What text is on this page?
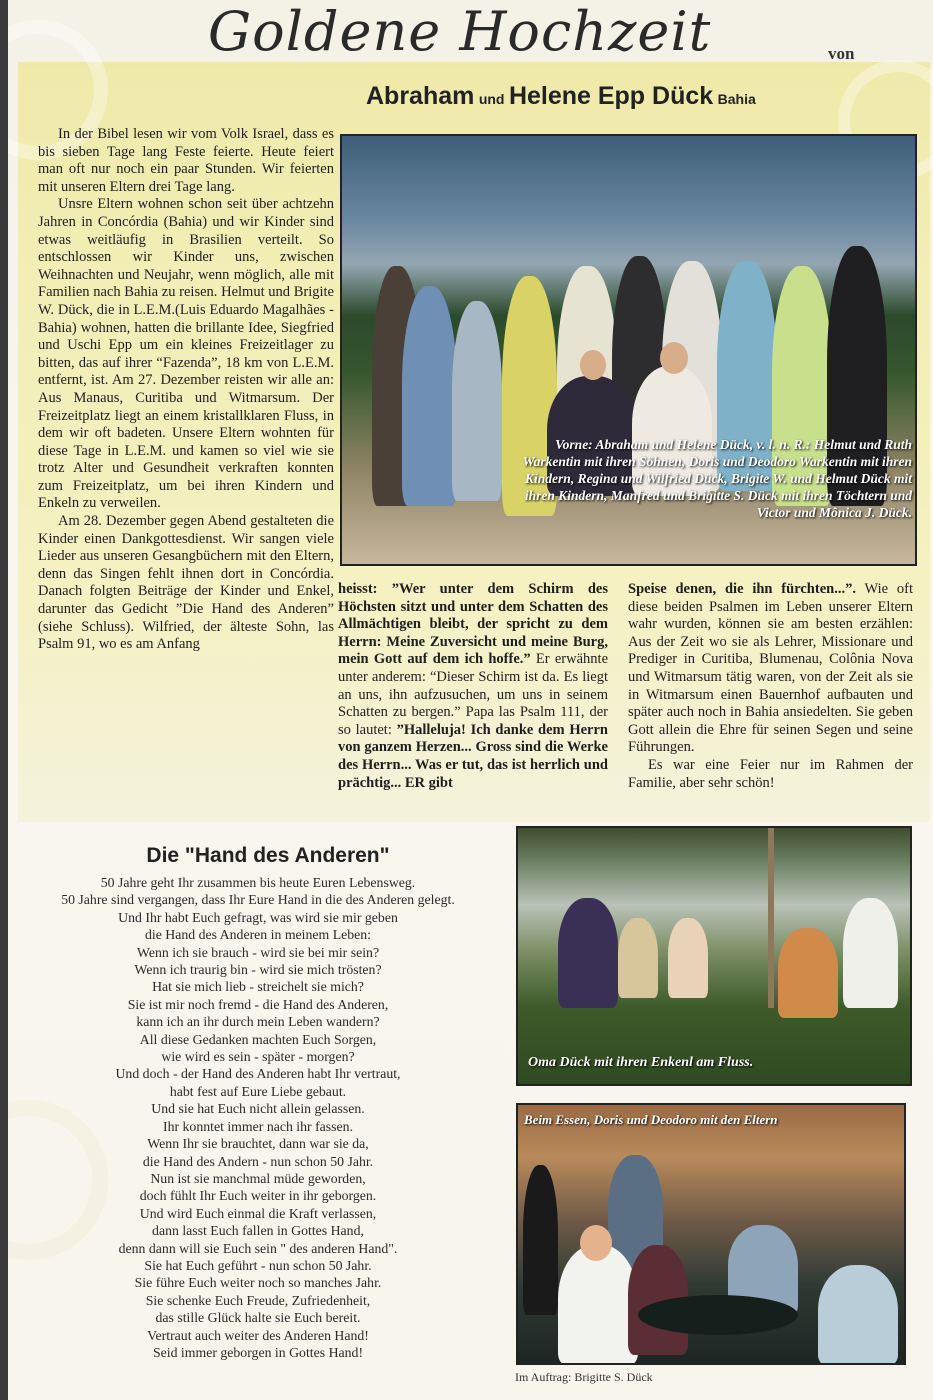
Goldene Hochzeit	von
Abraham und Helene Epp Dück Bahia

In der Bibel lesen wir vom Volk Israel, dass es bis sieben Tage lang Feste feierte. Heute feiert man oft nur noch ein paar Stunden. Wir feierten mit unseren Eltern drei Tage lang.

Unsre Eltern wohnen schon seit über achtzehn Jahren in Concórdia (Bahia) und wir Kinder sind etwas weitläufig in Brasilien verteilt. So entschlossen wir Kinder uns, zwischen Weihnachten und Neujahr, wenn möglich, alle mit Familien nach Bahia zu reisen. Helmut und Brigite W. Dück, die in L.E.M.(Luis Eduardo Magalhães - Bahia) wohnen, hatten die brillante Idee, Siegfried und Uschi Epp um ein kleines Freizeitlager zu bitten, das auf ihrer “Fazenda”, 18 km von L.E.M. entfernt, ist. Am 27. Dezember reisten wir alle an: Aus Manaus, Curitiba und Witmarsum. Der Freizeitplatz liegt an einem kristallklaren Fluss, in dem wir oft badeten. Unsere Eltern wohnten für diese Tage in L.E.M. und kamen so viel wie sie trotz Alter und Gesundheit verkraften konnten zum Freizeitplatz, um bei ihren Kindern und Enkeln zu verweilen.

Am 28. Dezember gegen Abend gestalteten die Kinder einen Dankgottesdienst. Wir sangen viele Lieder aus unseren Gesangbüchern mit den Eltern, denn das Singen fehlt ihnen dort in Concórdia. Danach folgten Beiträge der Kinder und Enkel, darunter das Gedicht ”Die Hand des Anderen” (siehe Schluss). Wilfried, der älteste Sohn, las Psalm 91, wo es am Anfang

heisst: ”Wer unter dem Schirm des Höchsten sitzt und unter dem Schatten des Allmächtigen bleibt, der spricht zu dem Herrn: Meine Zuversicht und meine Burg, mein Gott auf dem ich hoffe.” Er erwähnte unter anderem: “Dieser Schirm ist da. Es liegt an uns, ihn aufzusuchen, um uns in seinem Schatten zu bergen.” Papa las Psalm 111, der so lautet: ”Halleluja! Ich danke dem Herrn von ganzem Herzen... Gross sind die Werke des Herrn... Was er tut, das ist herrlich und prächtig... ER gibt
Speise denen, die ihn fürchten...”. Wie oft diese beiden Psalmen im Leben unserer Eltern wahr wurden, können sie am besten erzählen: Aus der Zeit wo sie als Lehrer, Missionare und Prediger in Curitiba, Blumenau, Colônia Nova und Witmarsum tätig waren, von der Zeit als sie in Witmarsum einen Bauernhof aufbauten und später auch noch in Bahia ansiedelten. Sie geben Gott allein die Ehre für seinen Segen und seine Führungen.

Es war eine Feier nur im Rahmen der Familie, aber sehr schön!

Vorne: Abraham und Helene Dück, v. l. n. R.: Helmut und Ruth Warkentin mit ihren Söhnen, Doris und Deodoro Warkentin mit ihren Kindern, Regina und Wilfried Dück, Brigite W. und Helmut Dück mit ihren Kindern, Manfred und Brigitte S. Dück mit ihren Töchtern und Victor und Mônica J. Dück.
Oma Dück mit ihren Enkenl am Fluss.
Beim Essen, Doris und Deodoro mit den Eltern
Die "Hand des Anderen"
50 Jahre geht Ihr zusammen bis heute Euren Lebensweg.
50 Jahre sind vergangen, dass Ihr Eure Hand in die des Anderen gelegt.
Und Ihr habt Euch gefragt, was wird sie mir geben
die Hand des Anderen in meinem Leben:
Wenn ich sie brauch - wird sie bei mir sein?
Wenn ich traurig bin - wird sie mich trösten?
Hat sie mich lieb - streichelt sie mich?
Sie ist mir noch fremd - die Hand des Anderen,
kann ich an ihr durch mein Leben wandern?
All diese Gedanken machten Euch Sorgen,
wie wird es sein - später - morgen?
Und doch - der Hand des Anderen habt Ihr vertraut,
habt fest auf Eure Liebe gebaut.
Und sie hat Euch nicht allein gelassen.
Ihr konntet immer nach ihr fassen.
Wenn Ihr sie brauchtet, dann war sie da,
die Hand des Andern - nun schon 50 Jahr.
Nun ist sie manchmal müde geworden,
doch fühlt Ihr Euch weiter in ihr geborgen.
Und wird Euch einmal die Kraft verlassen,
dann lasst Euch fallen in Gottes Hand,
denn dann will sie Euch sein " des anderen Hand".
Sie hat Euch geführt - nun schon 50 Jahr.
Sie führe Euch weiter noch so manches Jahr.
Sie schenke Euch Freude, Zufriedenheit,
das stille Glück halte sie Euch bereit.
Vertraut auch weiter des Anderen Hand!
Seid immer geborgen in Gottes Hand!
Im Auftrag: Brigitte S. Dück
